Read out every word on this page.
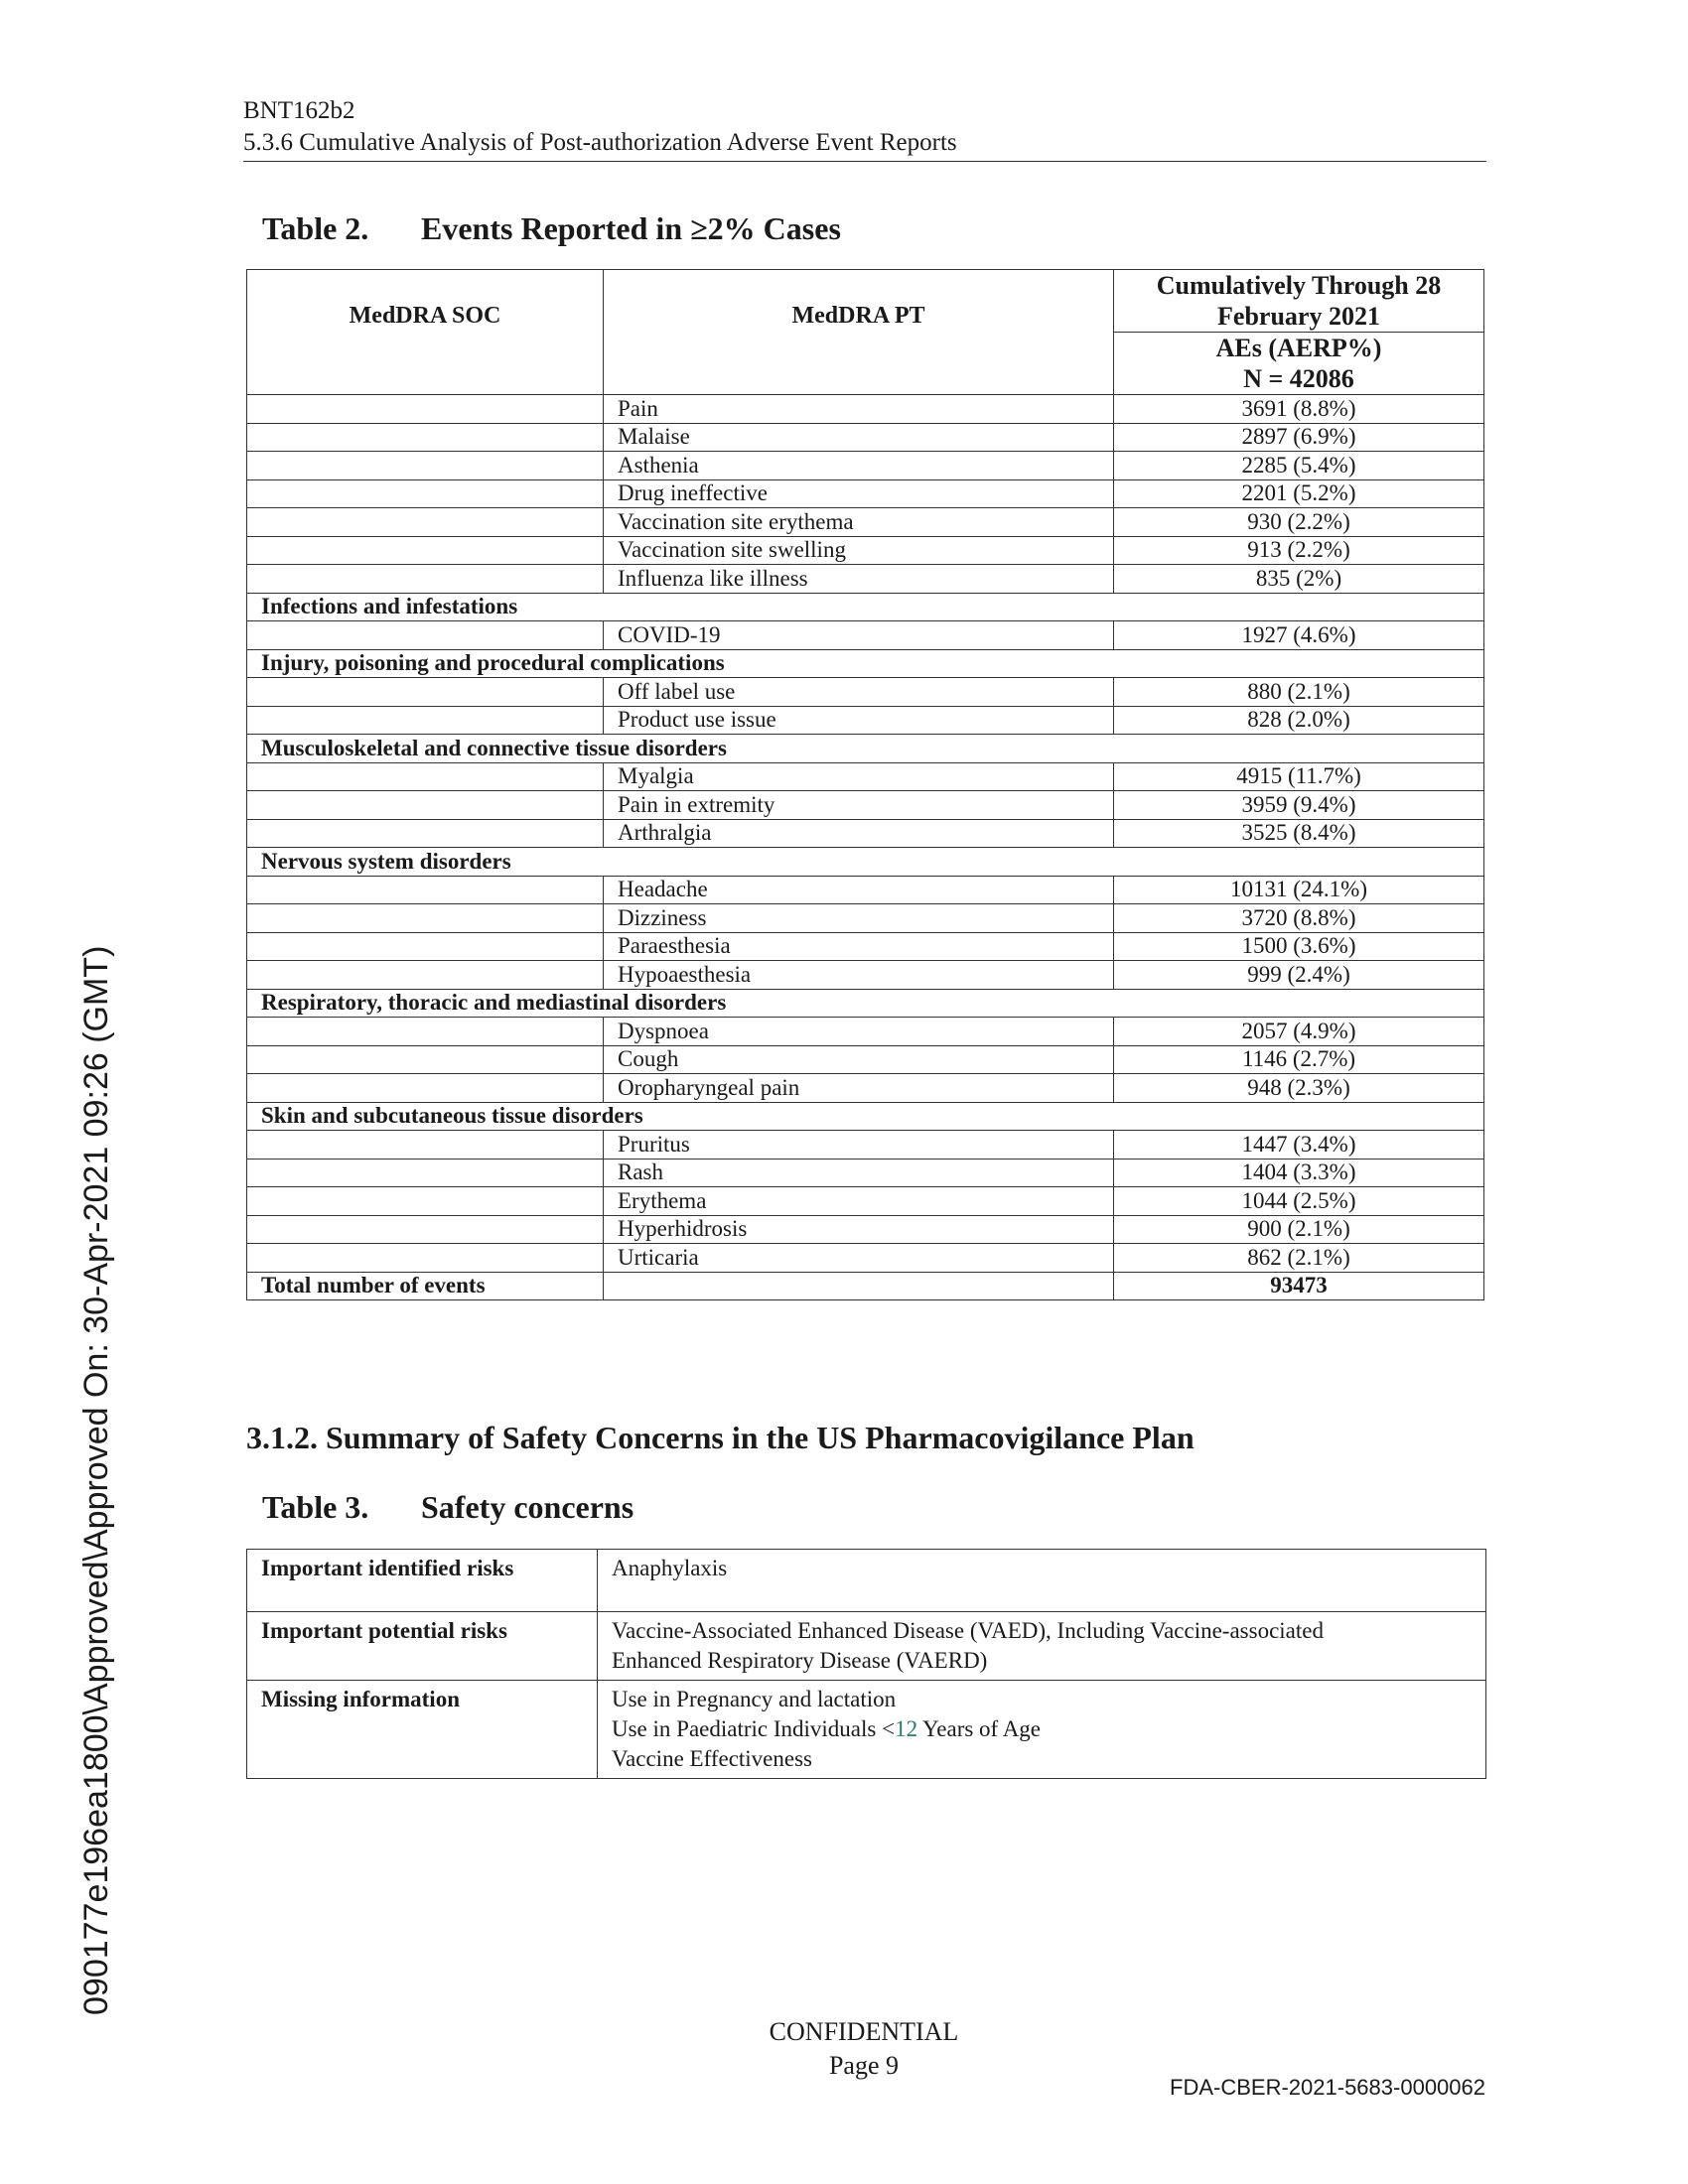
BNT162b2
5.3.6 Cumulative Analysis of Post-authorization Adverse Event Reports
Table 2. Events Reported in ≥2% Cases
		Cumulatively Through 28 February 2021
MedDRA SOC	MedDRA PT	AEs (AERP%)
N = 42086

	Pain	3691 (8.8%)
	Malaise	2897 (6.9%)
	Asthenia	2285 (5.4%)
	Drug ineffective	2201 (5.2%)
	Vaccination site erythema	930 (2.2%)
	Vaccination site swelling	913 (2.2%)
	Influenza like illness	835 (2%)
Infections and infestations		
	COVID-19	1927 (4.6%)
Injury, poisoning and procedural complications		
	Off label use	880 (2.1%)
	Product use issue	828 (2.0%)
Musculoskeletal and connective tissue disorders		
	Myalgia	4915 (11.7%)
	Pain in extremity	3959 (9.4%)
	Arthralgia	3525 (8.4%)
Nervous system disorders		
	Headache	10131 (24.1%)
	Dizziness	3720 (8.8%)
	Paraesthesia	1500 (3.6%)
	Hypoaesthesia	999 (2.4%)
Respiratory, thoracic and mediastinal disorders		
	Dyspnoea	2057 (4.9%)
	Cough	1146 (2.7%)
	Oropharyngeal pain	948 (2.3%)
Skin and subcutaneous tissue disorders		
	Pruritus	1447 (3.4%)
	Rash	1404 (3.3%)
	Erythema	1044 (2.5%)
	Hyperhidrosis	900 (2.1%)
	Urticaria	862 (2.1%)
Total number of events		93473
3.1.2. Summary of Safety Concerns in the US Pharmacovigilance Plan
Table 3. Safety concerns
Important identified risks	Anaphylaxis
Important potential risks	Vaccine-Associated Enhanced Disease (VAED), Including Vaccine-associated
Enhanced Respiratory Disease (VAERD)

Missing information	Use in Pregnancy and lactation
Use in Paediatric Individuals <12 Years of Age
Vaccine Effectiveness
CONFIDENTIAL
Page 9
FDA-CBER-2021-5683-0000062
090177e196ea1800\Approved\Approved On: 30-Apr-2021 09:26 (GMT)
